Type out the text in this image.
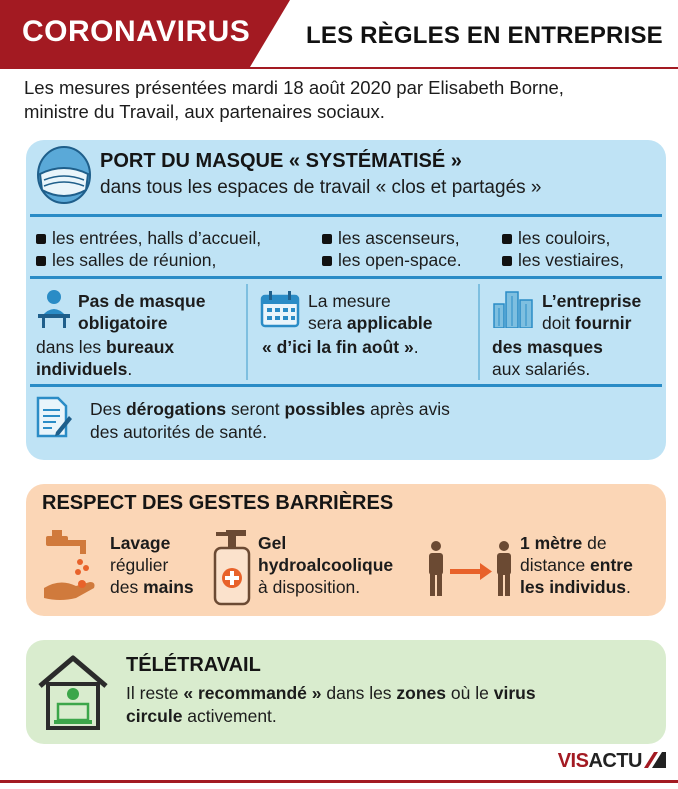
CORONAVIRUS LES RÈGLES EN ENTREPRISE
Les mesures présentées mardi 18 août 2020 par Elisabeth Borne,
ministre du Travail, aux partenaires sociaux.
PORT DU MASQUE « SYSTÉMATISÉ »
dans tous les espaces de travail « clos et partagés »
les entrées, halls d’accueil,	les ascenseurs,	les couloirs,
les salles de réunion,	les open-space.	les vestiaires,
Pas de masque
obligatoire
dans les bureaux
individuels.
La mesure
sera applicable
« d’ici la fin août ».
L’entreprise
doit fournir
des masques
aux salariés.
Des dérogations seront possibles après avis
des autorités de santé.
RESPECT DES GESTES BARRIÈRES
Lavage
régulier
des mains
Gel
hydroalcoolique
à disposition.
1 mètre de
distance entre
les individus.
TÉLÉTRAVAIL
Il reste « recommandé » dans les zones où le virus
circule activement.
VISACTU
